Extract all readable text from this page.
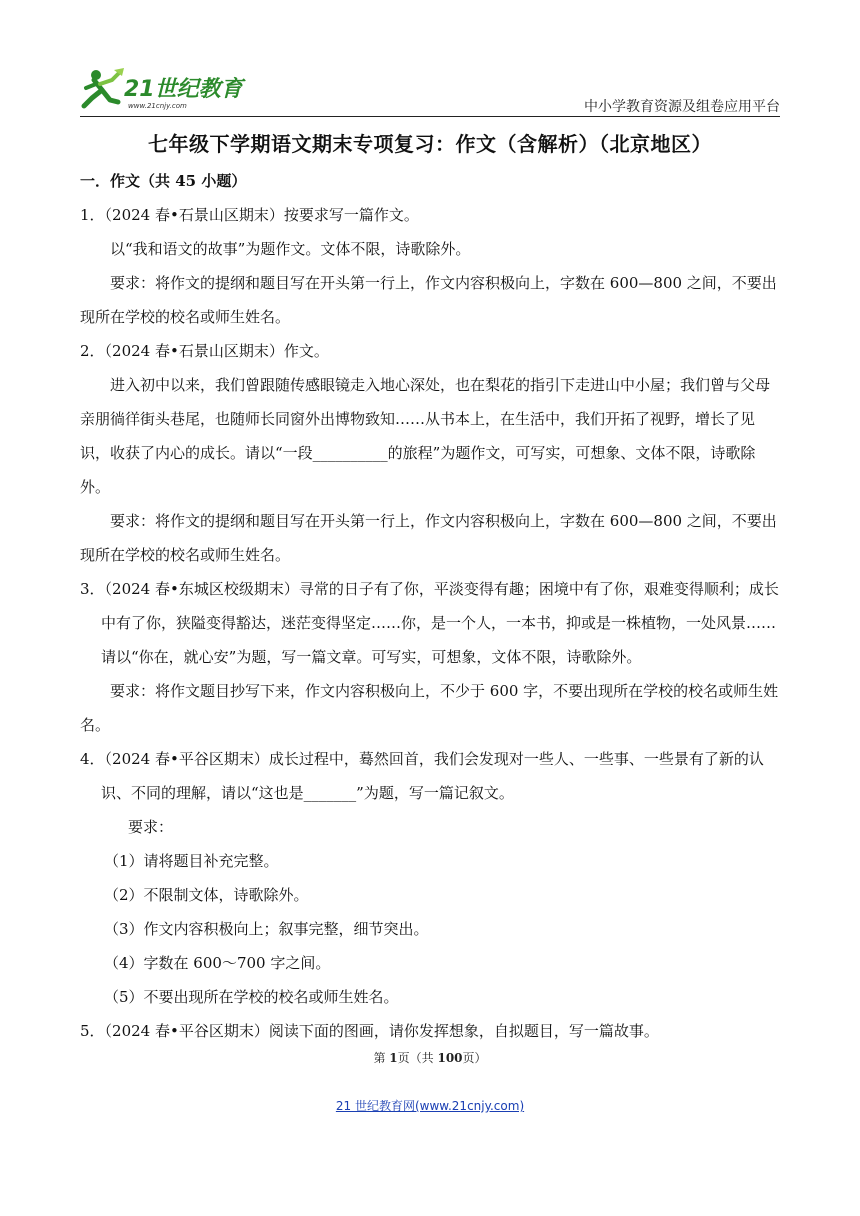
21世纪教育
www.21cnjy.com	中小学教育资源及组卷应用平台
七年级下学期语文期末专项复习：作文（含解析）（北京地区）
一．作文（共 45 小题）

1．（2024 春•石景山区期末）按要求写一篇作文。

以“我和语文的故事”为题作文。文体不限，诗歌除外。

要求：将作文的提纲和题目写在开头第一行上，作文内容积极向上，字数在 600—800 之间，不要出现所在学校的校名或师生姓名。

2．（2024 春•石景山区期末）作文。

进入初中以来，我们曾跟随传感眼镜走入地心深处，也在梨花的指引下走进山中小屋；我们曾与父母亲朋徜徉街头巷尾，也随师长同窗外出博物致知……从书本上，在生活中，我们开拓了视野，增长了见识，收获了内心的成长。请以“一段__________的旅程”为题作文，可写实，可想象、文体不限，诗歌除外。

要求：将作文的提纲和题目写在开头第一行上，作文内容积极向上，字数在 600—800 之间，不要出现所在学校的校名或师生姓名。

3．（2024 春•东城区校级期末）寻常的日子有了你，平淡变得有趣；困境中有了你，艰难变得顺利；成长中有了你，狭隘变得豁达，迷茫变得坚定……你，是一个人，一本书，抑或是一株植物，一处风景……请以“你在，就心安”为题，写一篇文章。可写实，可想象，文体不限，诗歌除外。

要求：将作文题目抄写下来，作文内容积极向上，不少于 600 字，不要出现所在学校的校名或师生姓名。

4．（2024 春•平谷区期末）成长过程中，蓦然回首，我们会发现对一些人、一些事、一些景有了新的认识、不同的理解，请以“这也是_______”为题，写一篇记叙文。

要求：

（1）请将题目补充完整。

（2）不限制文体，诗歌除外。

（3）作文内容积极向上；叙事完整，细节突出。

（4）字数在 600～700 字之间。

（5）不要出现所在学校的校名或师生姓名。

5．（2024 春•平谷区期末）阅读下面的图画，请你发挥想象，自拟题目，写一篇故事。

第 1页（共 100页）
21 世纪教育网(www.21cnjy.com)
